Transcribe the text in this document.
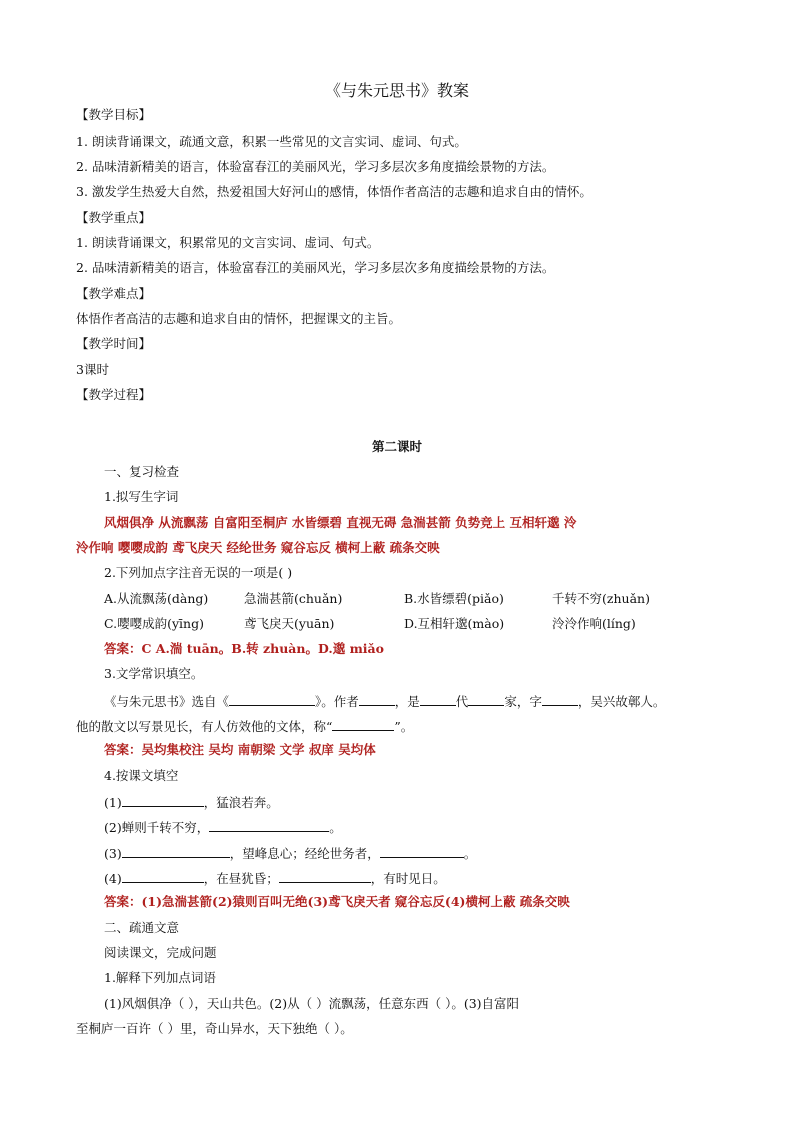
《与朱元思书》教案
【教学目标】
1. 朗读背诵课文，疏通文意，积累一些常见的文言实词、虚词、句式。
2. 品味清新精美的语言，体验富春江的美丽风光，学习多层次多角度描绘景物的方法。
3. 激发学生热爱大自然，热爱祖国大好河山的感情，体悟作者高洁的志趣和追求自由的情怀。
【教学重点】
1. 朗读背诵课文，积累常见的文言实词、虚词、句式。
2. 品味清新精美的语言，体验富春江的美丽风光，学习多层次多角度描绘景物的方法。
【教学难点】
体悟作者高洁的志趣和追求自由的情怀，把握课文的主旨。
【教学时间】
3课时
【教学过程】
第二课时
一、复习检查
1.拟写生字词
风烟俱净 从流飘荡 自富阳至桐庐 水皆缥碧 直视无碍 急湍甚箭 负势竞上 互相轩邈 泠
泠作响 嘤嘤成韵 鸢飞戾天 经纶世务 窥谷忘反 横柯上蔽 疏条交映
2.下列加点字注音无误的一项是( )
A.从流飘荡(dàng)	急湍甚箭(chuǎn)	B.水皆缥碧(piǎo)	千转不穷(zhuǎn)
C.嘤嘤成韵(yīng)	鸢飞戾天(yuān)	D.互相轩邈(mào)	泠泠作响(líng)
答案：C A.湍 tuān。B.转 zhuàn。D.邈 miǎo
3.文学常识填空。
《与朱元思书》选自《	》。作者	，是	代	家，字	，吴兴故鄣人。
他的散文以写景见长，有人仿效他的文体，称“	”。
答案：吴均集校注 吴均 南朝梁 文学 叔庠 吴均体
4.按课文填空
(1)	，猛浪若奔。
(2)蝉则千转不穷，	。
(3)	，望峰息心；经纶世务者，	。
(4)	，在昼犹昏；	，有时见日。
答案：(1)急湍甚箭(2)猿则百叫无绝(3)鸢飞戾天者 窥谷忘反(4)横柯上蔽 疏条交映
二、疏通文意
阅读课文，完成问题
1.解释下列加点词语
(1)风烟俱净（ ），天山共色。(2)从（ ）流飘荡，任意东西（ ）。(3)自富阳
至桐庐一百许（ ）里，奇山异水，天下独绝（ ）。
